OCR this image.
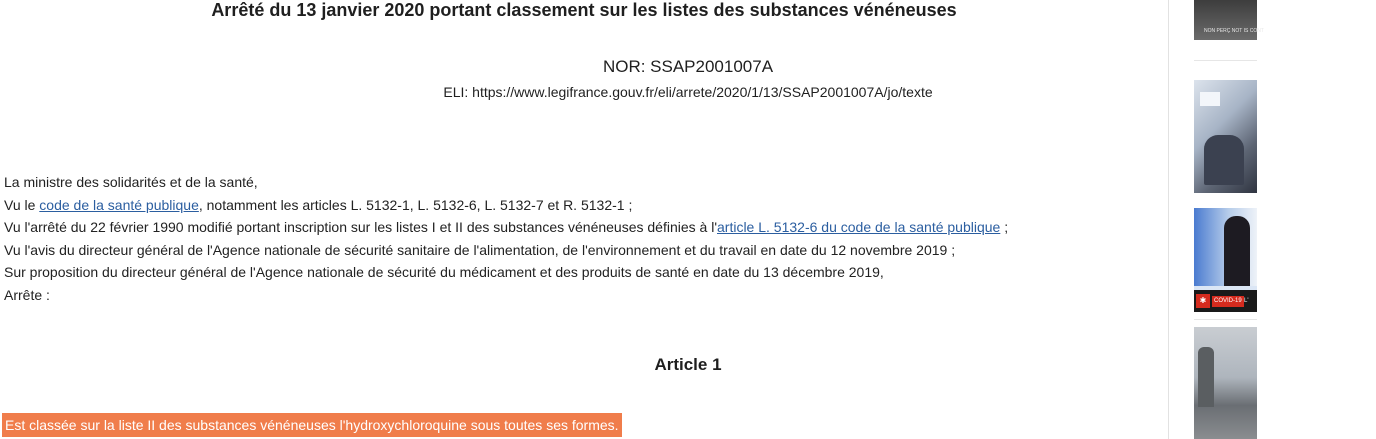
Arrêté du 13 janvier 2020 portant classement sur les listes des substances vénéneuses
NOR: SSAP2001007A
ELI: https://www.legifrance.gouv.fr/eli/arrete/2020/1/13/SSAP2001007A/jo/texte
La ministre des solidarités et de la santé,
Vu le code de la santé publique, notamment les articles L. 5132-1, L. 5132-6, L. 5132-7 et R. 5132-1 ;
Vu l'arrêté du 22 février 1990 modifié portant inscription sur les listes I et II des substances vénéneuses définies à l'article L. 5132-6 du code de la santé publique ;
Vu l'avis du directeur général de l'Agence nationale de sécurité sanitaire de l'alimentation, de l'environnement et du travail en date du 12 novembre 2019 ;
Sur proposition du directeur général de l'Agence nationale de sécurité du médicament et des produits de santé en date du 13 décembre 2019,
Arrête :
Article 1
Est classée sur la liste II des substances vénéneuses l'hydroxychloroquine sous toutes ses formes.
NON PERÇ NOT IS CONT
✱	COVID-19 L'
